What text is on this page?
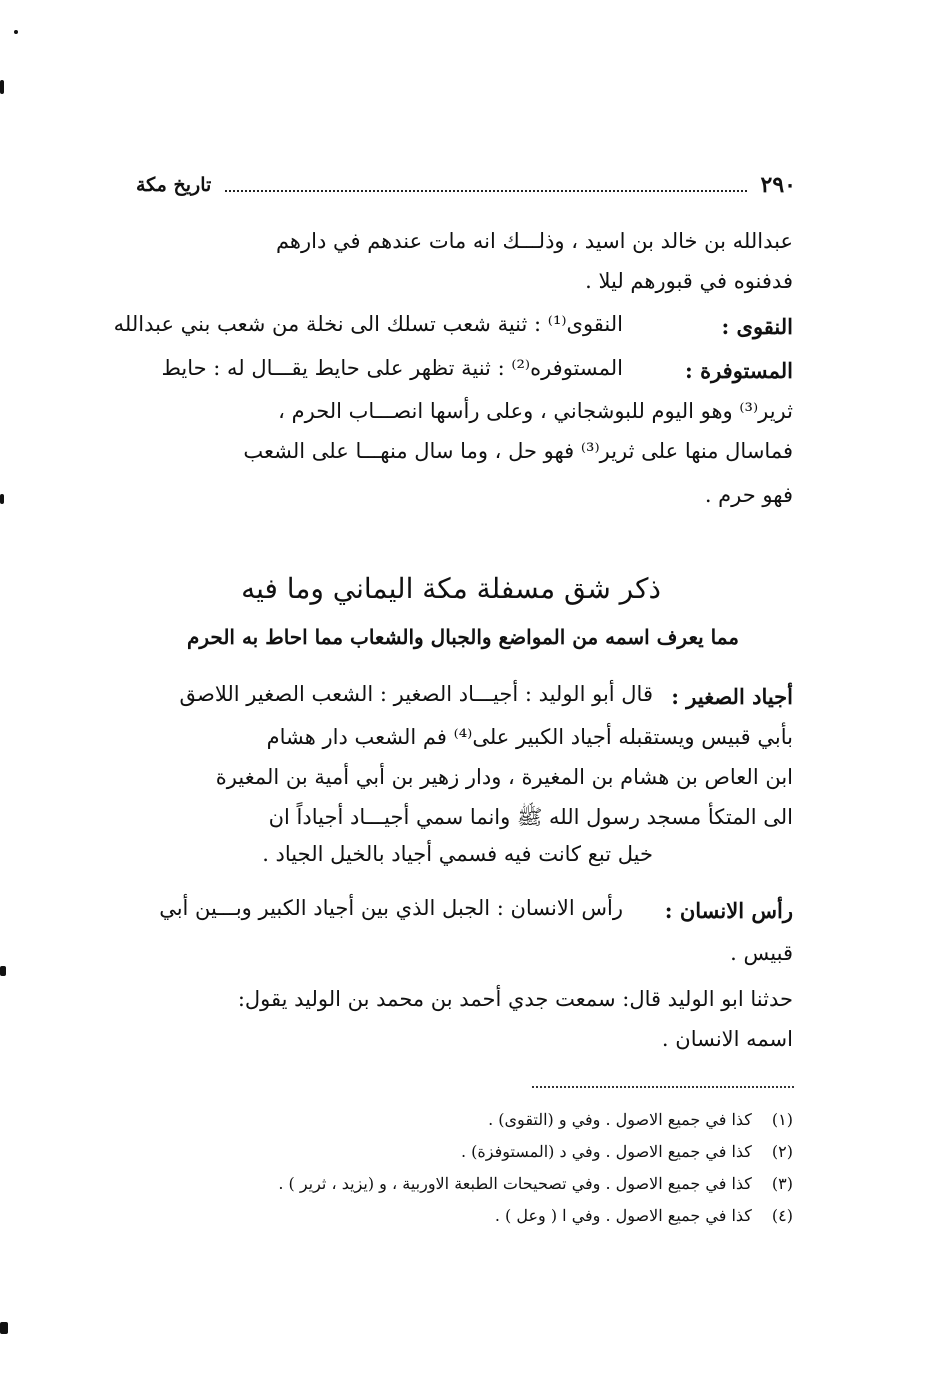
٢٩٠
تاريخ مكة
عبدالله بن خالد بن اسيد ، وذلـــك انه مات عندهم في دارهم
فدفنوه في قبورهم ليلا .
النقوى :
النقوى⁽¹⁾ : ثنية شعب تسلك الى نخلة من شعب بني عبدالله
المستوفرة :
المستوفره⁽²⁾ : ثنية تظهر على حايط يقـــال له : حايط
ثرير⁽³⁾ وهو اليوم للبوشجاني ، وعلى رأسها انصـــاب الحرم ،
فماسال منها على ثرير⁽³⁾ فهو حل ، وما سال منهـــا على الشعب
فهو حرم .
ذكر شق مسفلة مكة اليماني وما فيه
مما يعرف اسمه من المواضع والجبال والشعاب مما احاط به الحرم
أجياد الصغير :
قال أبو الوليد : أجيـــاد الصغير : الشعب الصغير اللاصق
بأبي قبيس ويستقبله أجياد الكبير على⁽⁴⁾ فم الشعب دار هشام
ابن العاص بن هشام بن المغيرة ، ودار زهير بن أبي أمية بن المغيرة
الى المتكأ مسجد رسول الله ﷺ وانما سمي أجيـــاد أجياداً ان
خيل تبع كانت فيه فسمي أجياد بالخيل الجياد .
رأس الانسان :
رأس الانسان : الجبل الذي بين أجياد الكبير وبـــين أبي
قبيس .
حدثنا ابو الوليد قال: سمعت جدي أحمد بن محمد بن الوليد يقول:
اسمه الانسان .
(١) كذا في جميع الاصول . وفي و (التقوى) .
(٢) كذا في جميع الاصول . وفي د (المستوفزة) .
(٣) كذا في جميع الاصول . وفي تصحيحات الطبعة الاوربية ، و (يزيد ، ثرير ) .
(٤) كذا في جميع الاصول . وفي ا ( وعل ) .
